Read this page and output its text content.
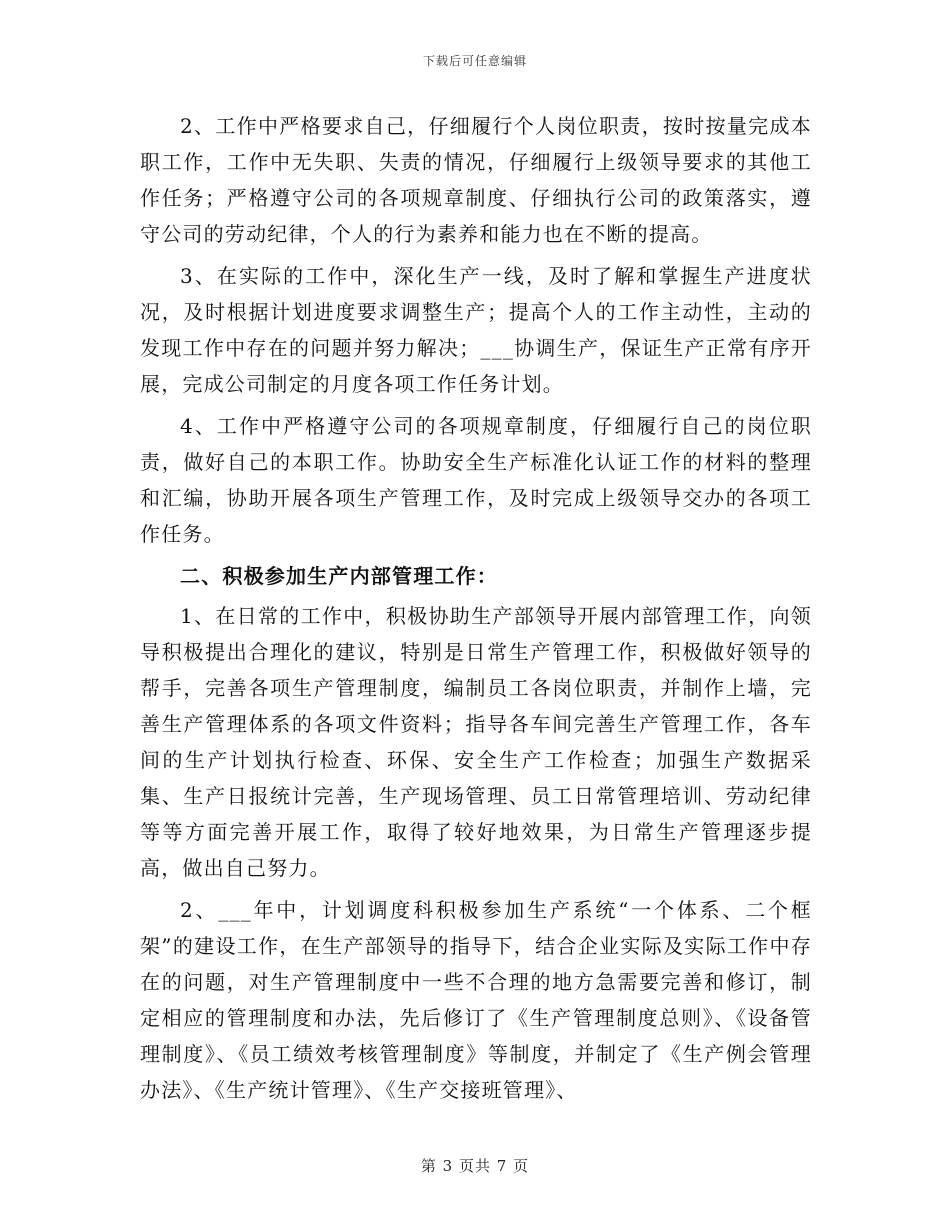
下载后可任意编辑

2、工作中严格要求自己，仔细履行个人岗位职责，按时按量完成本职工作，工作中无失职、失责的情况，仔细履行上级领导要求的其他工作任务；严格遵守公司的各项规章制度、仔细执行公司的政策落实，遵守公司的劳动纪律，个人的行为素养和能力也在不断的提高。

3、在实际的工作中，深化生产一线，及时了解和掌握生产进度状况，及时根据计划进度要求调整生产；提高个人的工作主动性，主动的发现工作中存在的问题并努力解决；___协调生产，保证生产正常有序开展，完成公司制定的月度各项工作任务计划。

4、工作中严格遵守公司的各项规章制度，仔细履行自己的岗位职责，做好自己的本职工作。协助安全生产标准化认证工作的材料的整理和汇编，协助开展各项生产管理工作，及时完成上级领导交办的各项工作任务。

二、积极参加生产内部管理工作：

1、在日常的工作中，积极协助生产部领导开展内部管理工作，向领导积极提出合理化的建议，特别是日常生产管理工作，积极做好领导的帮手，完善各项生产管理制度，编制员工各岗位职责，并制作上墙，完善生产管理体系的各项文件资料；指导各车间完善生产管理工作，各车间的生产计划执行检查、环保、安全生产工作检查；加强生产数据采集、生产日报统计完善，生产现场管理、员工日常管理培训、劳动纪律等等方面完善开展工作，取得了较好地效果，为日常生产管理逐步提高，做出自己努力。

2、___年中，计划调度科积极参加生产系统“一个体系、二个框架”的建设工作，在生产部领导的指导下，结合企业实际及实际工作中存在的问题，对生产管理制度中一些不合理的地方急需要完善和修订，制定相应的管理制度和办法，先后修订了《生产管理制度总则》、《设备管理制度》、《员工绩效考核管理制度》等制度，并制定了《生产例会管理办法》、《生产统计管理》、《生产交接班管理》、

第 3 页共 7 页
